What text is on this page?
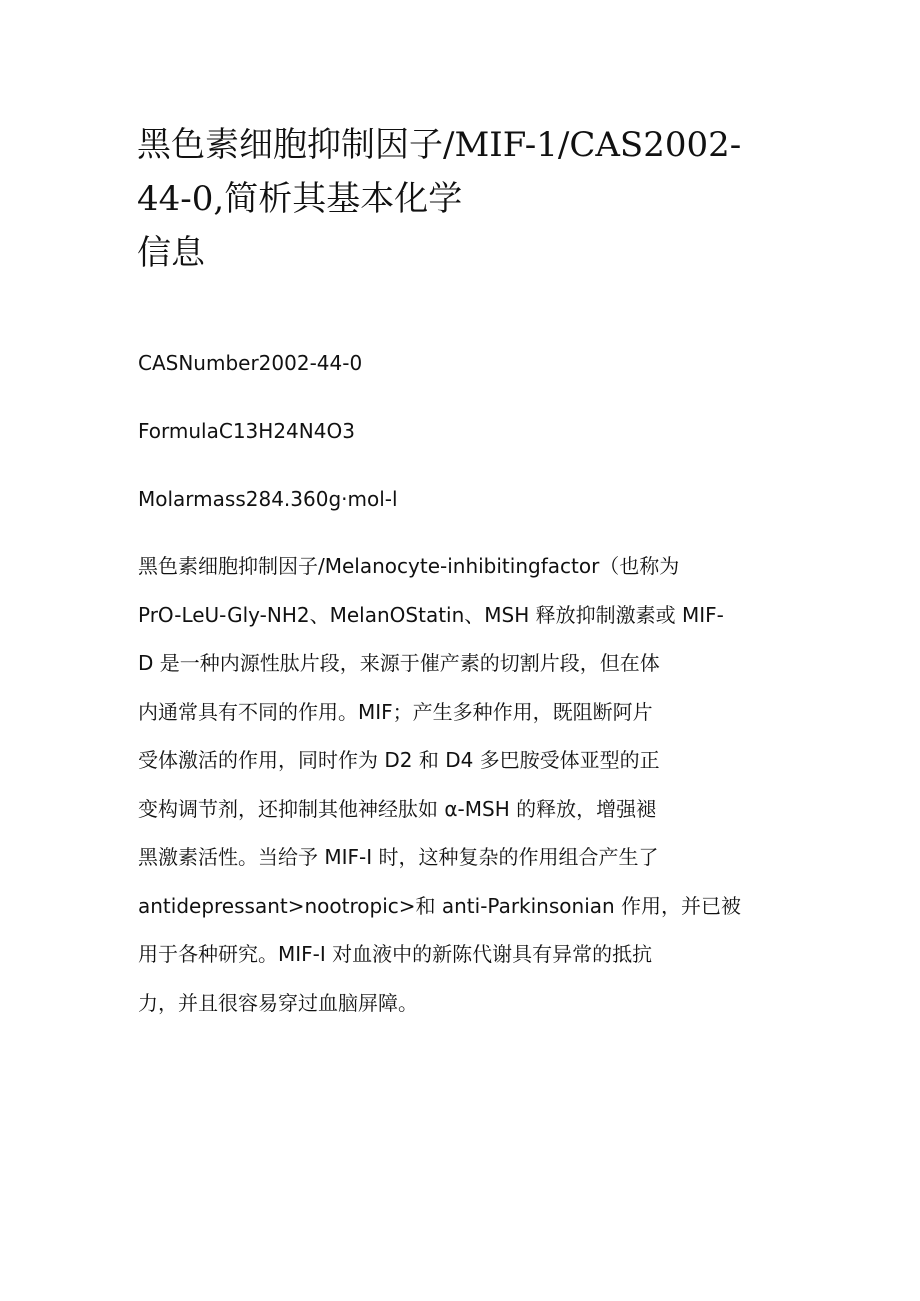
黑色素细胞抑制因子/MIF-1/CAS2002-
44-0,简析其基本化学
信息

CASNumber2002-44-0

FormulaC13H24N4O3

Molarmass284.360g·mol-l

黑色素细胞抑制因子/Melanocyte-inhibitingfactor（也称为
PrO-LeU-Gly-NH2、MelanOStatin、MSH 释放抑制激素或 MIF-
D 是一种内源性肽片段，来源于催产素的切割片段，但在体
内通常具有不同的作用。MIF；产生多种作用，既阻断阿片
受体激活的作用，同时作为 D2 和 D4 多巴胺受体亚型的正
变构调节剂，还抑制其他神经肽如 α-MSH 的释放，增强褪
黑激素活性。当给予 MIF-I 时，这种复杂的作用组合产生了
antidepressant>nootropic>和 anti-Parkinsonian 作用，并已被
用于各种研究。MIF-I 对血液中的新陈代谢具有异常的抵抗
力，并且很容易穿过血脑屏障。
